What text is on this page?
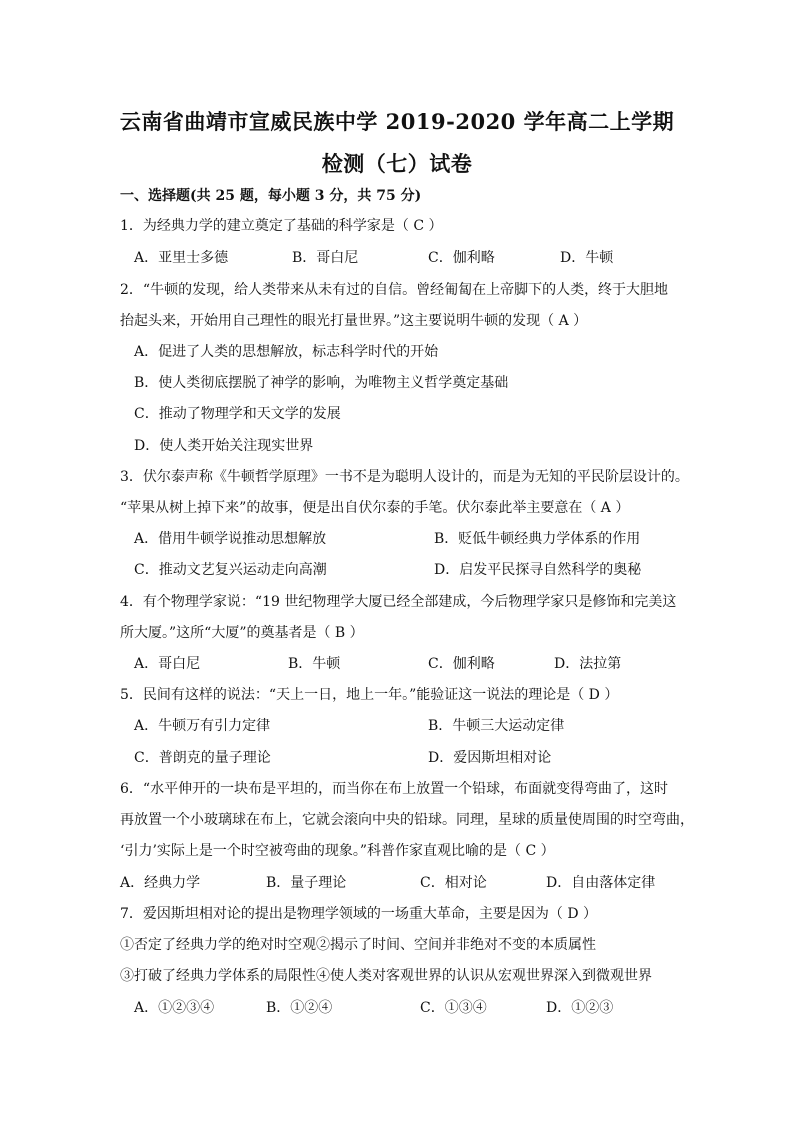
云南省曲靖市宣威民族中学 2019-2020 学年高二上学期
检测（七）试卷
一、选择题(共 25 题，每小题 3 分，共 75 分)
1．为经典力学的建立奠定了基础的科学家是（ C ）
A．亚里士多德	B．哥白尼	C．伽利略	D．牛顿
2．“牛顿的发现，给人类带来从未有过的自信。曾经匍匐在上帝脚下的人类，终于大胆地
抬起头来，开始用自己理性的眼光打量世界。”这主要说明牛顿的发现（ A ）
A．促进了人类的思想解放，标志科学时代的开始
B．使人类彻底摆脱了神学的影响，为唯物主义哲学奠定基础
C．推动了物理学和天文学的发展
D．使人类开始关注现实世界
3．伏尔泰声称《牛顿哲学原理》一书不是为聪明人设计的，而是为无知的平民阶层设计的。
“苹果从树上掉下来”的故事，便是出自伏尔泰的手笔。伏尔泰此举主要意在（ A ）
A．借用牛顿学说推动思想解放	B．贬低牛顿经典力学体系的作用
C．推动文艺复兴运动走向高潮	D．启发平民探寻自然科学的奥秘
4．有个物理学家说：“19 世纪物理学大厦已经全部建成，今后物理学家只是修饰和完美这
所大厦。”这所“大厦”的奠基者是（ B ）
A．哥白尼	B．牛顿	C．伽利略	D．法拉第
5．民间有这样的说法：“天上一日，地上一年。”能验证这一说法的理论是（ D ）
A．牛顿万有引力定律	B．牛顿三大运动定律
C．普朗克的量子理论	D．爱因斯坦相对论
6．“水平伸开的一块布是平坦的，而当你在布上放置一个铅球，布面就变得弯曲了，这时
再放置一个小玻璃球在布上，它就会滚向中央的铅球。同理，星球的质量使周围的时空弯曲，
‘引力’实际上是一个时空被弯曲的现象。”科普作家直观比喻的是（ C ）
A．经典力学	B．量子理论	C．相对论	D．自由落体定律
7．爱因斯坦相对论的提出是物理学领域的一场重大革命，主要是因为（ D ）
①否定了经典力学的绝对时空观②揭示了时间、空间并非绝对不变的本质属性
③打破了经典力学体系的局限性④使人类对客观世界的认识从宏观世界深入到微观世界
A．①②③④	B．①②④	C．①③④	D．①②③
